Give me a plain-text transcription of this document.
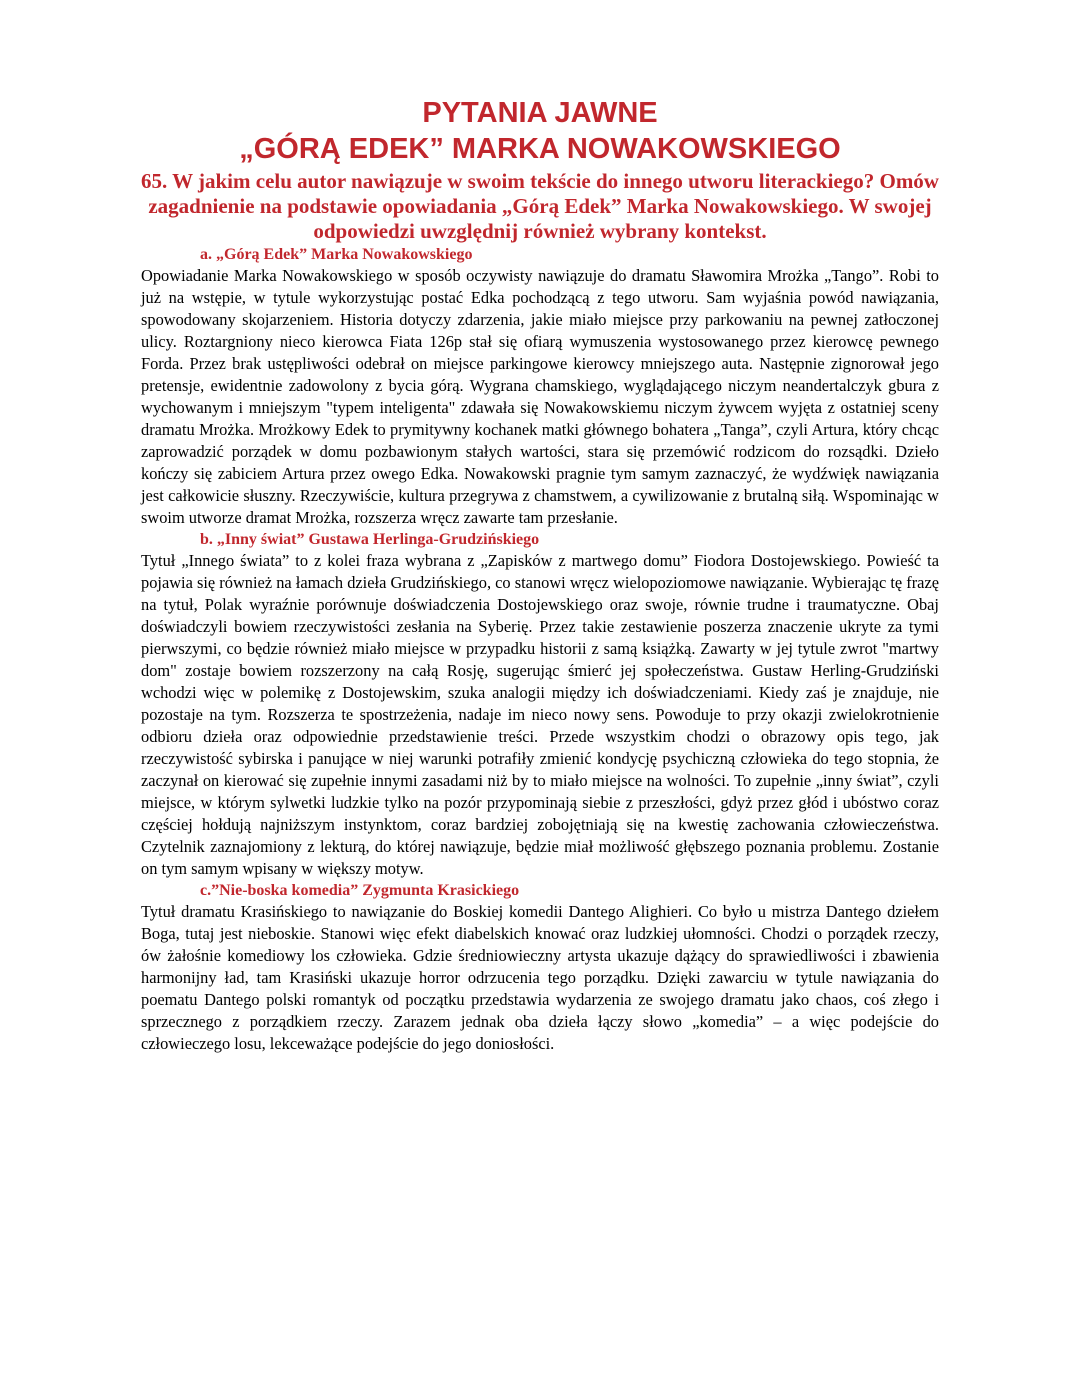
PYTANIA JAWNE
„GÓRĄ EDEK” MARKA NOWAKOWSKIEGO

65. W jakim celu autor nawiązuje w swoim tekście do innego utworu literackiego? Omów zagadnienie na podstawie opowiadania „Górą Edek” Marka Nowakowskiego. W swojej odpowiedzi uwzględnij również wybrany kontekst.

a. „Górą Edek” Marka Nowakowskiego

Opowiadanie Marka Nowakowskiego w sposób oczywisty nawiązuje do dramatu Sławomira Mrożka „Tango”. Robi to już na wstępie, w tytule wykorzystując postać Edka pochodzącą z tego utworu. Sam wyjaśnia powód nawiązania, spowodowany skojarzeniem. Historia dotyczy zdarzenia, jakie miało miejsce przy parkowaniu na pewnej zatłoczonej ulicy. Roztargniony nieco kierowca Fiata 126p stał się ofiarą wymuszenia wystosowanego przez kierowcę pewnego Forda. Przez brak ustępliwości odebrał on miejsce parkingowe kierowcy mniejszego auta. Następnie zignorował jego pretensje, ewidentnie zadowolony z bycia górą. Wygrana chamskiego, wyglądającego niczym neandertalczyk gbura z wychowanym i mniejszym "typem inteligenta" zdawała się Nowakowskiemu niczym żywcem wyjęta z ostatniej sceny dramatu Mrożka. Mrożkowy Edek to prymitywny kochanek matki głównego bohatera „Tanga”, czyli Artura, który chcąc zaprowadzić porządek w domu pozbawionym stałych wartości, stara się przemówić rodzicom do rozsądki. Dzieło kończy się zabiciem Artura przez owego Edka. Nowakowski pragnie tym samym zaznaczyć, że wydźwięk nawiązania jest całkowicie słuszny. Rzeczywiście, kultura przegrywa z chamstwem, a cywilizowanie z brutalną siłą. Wspominając w swoim utworze dramat Mrożka, rozszerza wręcz zawarte tam przesłanie.

b. „Inny świat” Gustawa Herlinga-Grudzińskiego

Tytuł „Innego świata” to z kolei fraza wybrana z „Zapisków z martwego domu” Fiodora Dostojewskiego. Powieść ta pojawia się również na łamach dzieła Grudzińskiego, co stanowi wręcz wielopoziomowe nawiązanie. Wybierając tę frazę na tytuł, Polak wyraźnie porównuje doświadczenia Dostojewskiego oraz swoje, równie trudne i traumatyczne. Obaj doświadczyli bowiem rzeczywistości zesłania na Syberię. Przez takie zestawienie poszerza znaczenie ukryte za tymi pierwszymi, co będzie również miało miejsce w przypadku historii z samą książką. Zawarty w jej tytule zwrot "martwy dom" zostaje bowiem rozszerzony na całą Rosję, sugerując śmierć jej społeczeństwa. Gustaw Herling-Grudziński wchodzi więc w polemikę z Dostojewskim, szuka analogii między ich doświadczeniami. Kiedy zaś je znajduje, nie pozostaje na tym. Rozszerza te spostrzeżenia, nadaje im nieco nowy sens. Powoduje to przy okazji zwielokrotnienie odbioru dzieła oraz odpowiednie przedstawienie treści. Przede wszystkim chodzi o obrazowy opis tego, jak rzeczywistość sybirska i panujące w niej warunki potrafiły zmienić kondycję psychiczną człowieka do tego stopnia, że zaczynał on kierować się zupełnie innymi zasadami niż by to miało miejsce na wolności. To zupełnie „inny świat”, czyli miejsce, w którym sylwetki ludzkie tylko na pozór przypominają siebie z przeszłości, gdyż przez głód i ubóstwo coraz częściej hołdują najniższym instynktom, coraz bardziej zobojętniają się na kwestię zachowania człowieczeństwa. Czytelnik zaznajomiony z lekturą, do której nawiązuje, będzie miał możliwość głębszego poznania problemu. Zostanie on tym samym wpisany w większy motyw.

c.”Nie-boska komedia” Zygmunta Krasickiego

Tytuł dramatu Krasińskiego to nawiązanie do Boskiej komedii Dantego Alighieri. Co było u mistrza Dantego dziełem Boga, tutaj jest nieboskie. Stanowi więc efekt diabelskich knować oraz ludzkiej ułomności. Chodzi o porządek rzeczy, ów żałośnie komediowy los człowieka. Gdzie średniowieczny artysta ukazuje dążący do sprawiedliwości i zbawienia harmonijny ład, tam Krasiński ukazuje horror odrzucenia tego porządku. Dzięki zawarciu w tytule nawiązania do poematu Dantego polski romantyk od początku przedstawia wydarzenia ze swojego dramatu jako chaos, coś złego i sprzecznego z porządkiem rzeczy. Zarazem jednak oba dzieła łączy słowo „komedia” – a więc podejście do człowieczego losu, lekceważące podejście do jego doniosłości.
